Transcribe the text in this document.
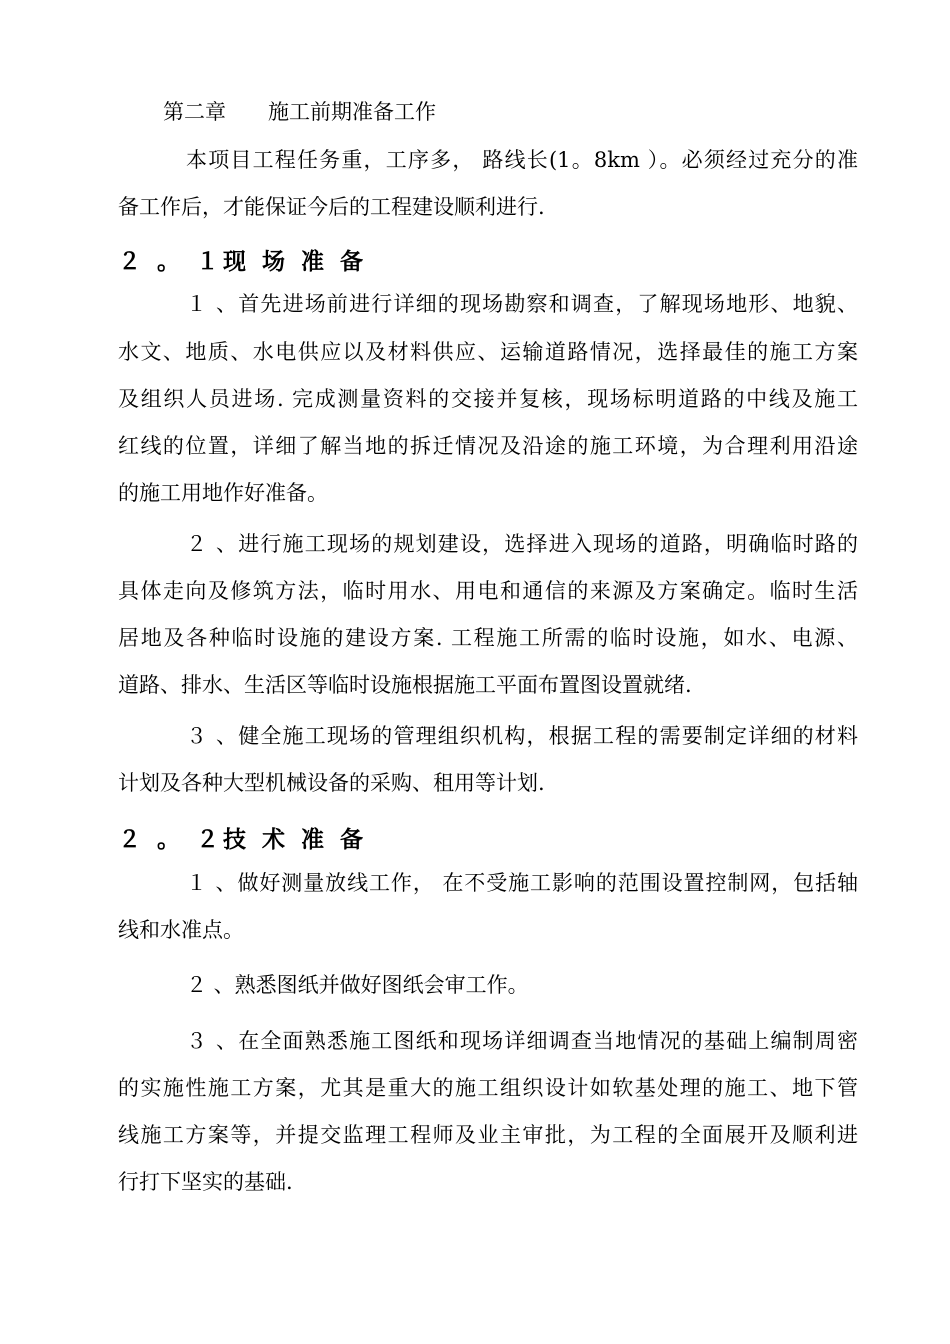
第二章 施工前期准备工作
本项目工程任务重，工序多， 路线长(1。8km ）。必须经过充分的准
备工作后，才能保证今后的工程建设顺利进行.
２ 。 １现 场 准 备
１ 、首先进场前进行详细的现场勘察和调查，了解现场地形、地貌、
水文、地质、水电供应以及材料供应、运输道路情况，选择最佳的施工方案
及组织人员进场. 完成测量资料的交接并复核，现场标明道路的中线及施工
红线的位置，详细了解当地的拆迁情况及沿途的施工环境，为合理利用沿途
的施工用地作好准备。
２ 、进行施工现场的规划建设，选择进入现场的道路，明确临时路的
具体走向及修筑方法，临时用水、用电和通信的来源及方案确定。临时生活
居地及各种临时设施的建设方案. 工程施工所需的临时设施，如水、电源、
道路、排水、生活区等临时设施根据施工平面布置图设置就绪.
３ 、健全施工现场的管理组织机构，根据工程的需要制定详细的材料
计划及各种大型机械设备的采购、租用等计划.
２ 。 ２技 术 准 备
１ 、做好测量放线工作， 在不受施工影响的范围设置控制网，包括轴
线和水准点。
２ 、熟悉图纸并做好图纸会审工作。
３ 、在全面熟悉施工图纸和现场详细调查当地情况的基础上编制周密
的实施性施工方案，尤其是重大的施工组织设计如软基处理的施工、地下管
线施工方案等，并提交监理工程师及业主审批，为工程的全面展开及顺利进
行打下坚实的基础.
